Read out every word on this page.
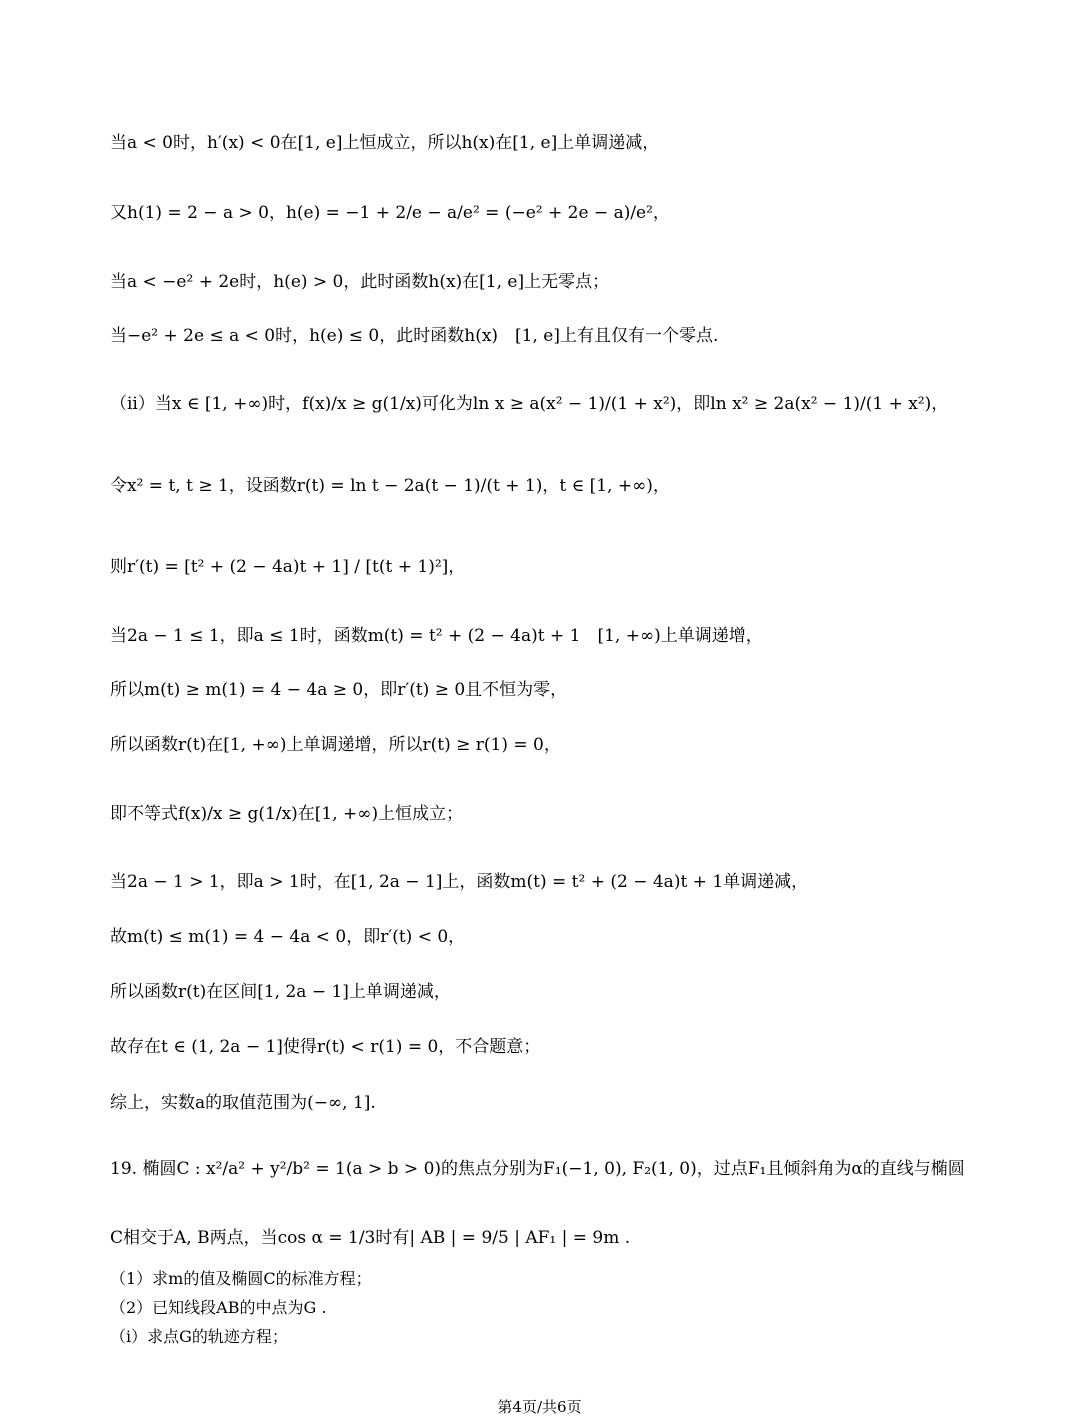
当a < 0时，h′(x) < 0在[1, e]上恒成立，所以h(x)在[1, e]上单调递减，
又h(1) = 2 − a > 0，h(e) = −1 + 2/e − a/e² = (−e² + 2e − a)/e²，
当a < −e² + 2e时，h(e) > 0，此时函数h(x)在[1, e]上无零点；
当−e² + 2e ≤ a < 0时，h(e) ≤ 0，此时函数h(x)　[1, e]上有且仅有一个零点.
（ii）当x ∈ [1, +∞)时，f(x)/x ≥ g(1/x)可化为ln x ≥ a(x² − 1)/(1 + x²)，即ln x² ≥ 2a(x² − 1)/(1 + x²)，
令x² = t, t ≥ 1，设函数r(t) = ln t − 2a(t − 1)/(t + 1)，t ∈ [1, +∞)，
则r′(t) = [t² + (2 − 4a)t + 1] / [t(t + 1)²]，
当2a − 1 ≤ 1，即a ≤ 1时，函数m(t) = t² + (2 − 4a)t + 1　[1, +∞)上单调递增，
所以m(t) ≥ m(1) = 4 − 4a ≥ 0，即r′(t) ≥ 0且不恒为零，
所以函数r(t)在[1, +∞)上单调递增，所以r(t) ≥ r(1) = 0，
即不等式f(x)/x ≥ g(1/x)在[1, +∞)上恒成立；
当2a − 1 > 1，即a > 1时，在[1, 2a − 1]上，函数m(t) = t² + (2 − 4a)t + 1单调递减，
故m(t) ≤ m(1) = 4 − 4a < 0，即r′(t) < 0，
所以函数r(t)在区间[1, 2a − 1]上单调递减，
故存在t ∈ (1, 2a − 1]使得r(t) < r(1) = 0，不合题意；
综上，实数a的取值范围为(−∞, 1].
19. 椭圆C : x²/a² + y²/b² = 1(a > b > 0)的焦点分别为F₁(−1, 0), F₂(1, 0)，过点F₁且倾斜角为α的直线与椭圆
C相交于A, B两点，当cos α = 1/3时有| AB | = 9/5 | AF₁ | = 9m .
（1）求m的值及椭圆C的标准方程；
（2）已知线段AB的中点为G .
（i）求点G的轨迹方程；
第4页/共6页
